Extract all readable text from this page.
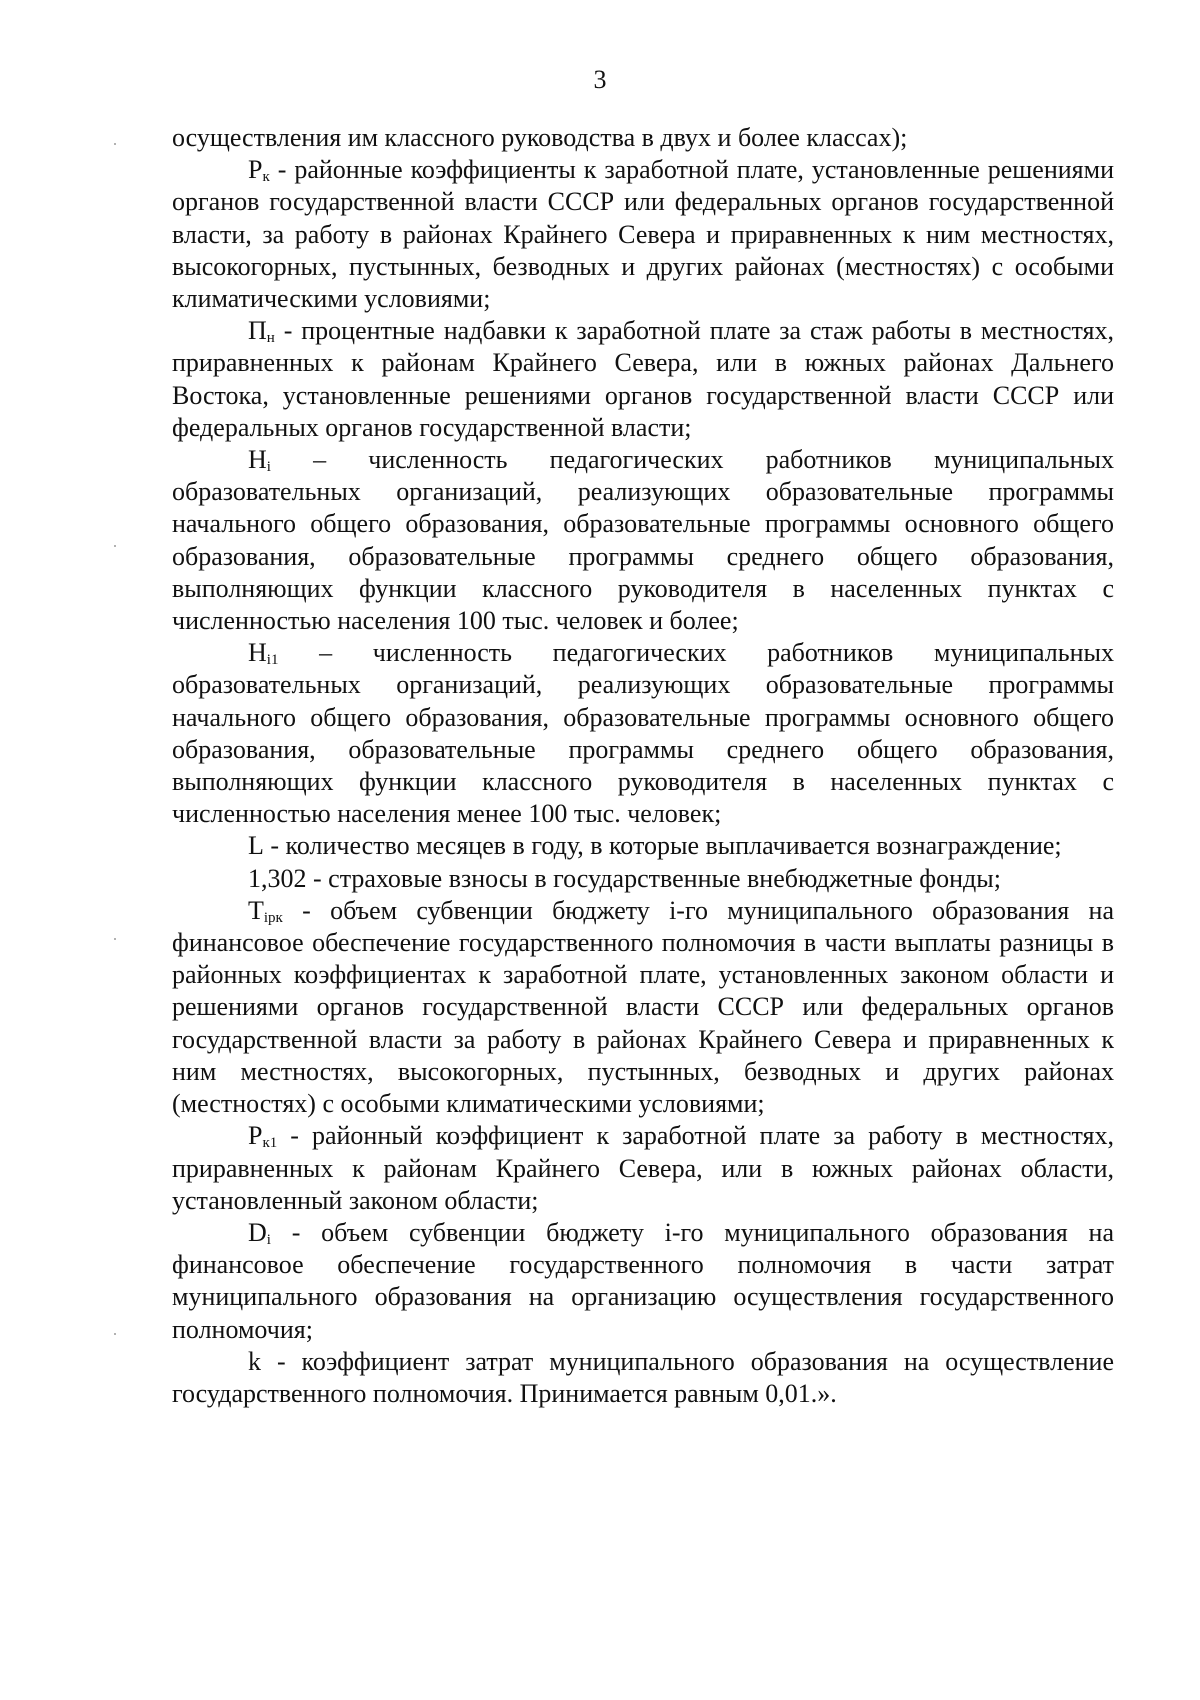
3

осуществления им классного руководства в двух и более классах);

$Р_к$ - районные коэффициенты к заработной плате, установленные решениями органов государственной власти СССР или федеральных органов государственной власти, за работу в районах Крайнего Севера и приравненных к ним местностях, высокогорных, пустынных, безводных и других районах (местностях) с особыми климатическими условиями;

$П_н$ - процентные надбавки к заработной плате за стаж работы в местностях, приравненных к районам Крайнего Севера, или в южных районах Дальнего Востока, установленные решениями органов государственной власти СССР или федеральных органов государственной власти;

$Н_i$ – численность педагогических работников муниципальных образовательных организаций, реализующих образовательные программы начального общего образования, образовательные программы основного общего образования, образовательные программы среднего общего образования, выполняющих функции классного руководителя в населенных пунктах с численностью населения 100 тыс. человек и более;

$Н_{i1}$ – численность педагогических работников муниципальных образовательных организаций, реализующих образовательные программы начального общего образования, образовательные программы основного общего образования, образовательные программы среднего общего образования, выполняющих функции классного руководителя в населенных пунктах с численностью населения менее 100 тыс. человек;

L - количество месяцев в году, в которые выплачивается вознаграждение;

1,302 - страховые взносы в государственные внебюджетные фонды;

$Т_{iрк}$ - объем субвенции бюджету i-го муниципального образования на финансовое обеспечение государственного полномочия в части выплаты разницы в районных коэффициентах к заработной плате, установленных законом области и решениями органов государственной власти СССР или федеральных органов государственной власти за работу в районах Крайнего Севера и приравненных к ним местностях, высокогорных, пустынных, безводных и других районах (местностях) с особыми климатическими условиями;

$Р_{к1}$ - районный коэффициент к заработной плате за работу в местностях, приравненных к районам Крайнего Севера, или в южных районах области, установленный законом области;

$D_i$ - объем субвенции бюджету i-го муниципального образования на финансовое обеспечение государственного полномочия в части затрат муниципального образования на организацию осуществления государственного полномочия;

k - коэффициент затрат муниципального образования на осуществление государственного полномочия. Принимается равным 0,01.».
